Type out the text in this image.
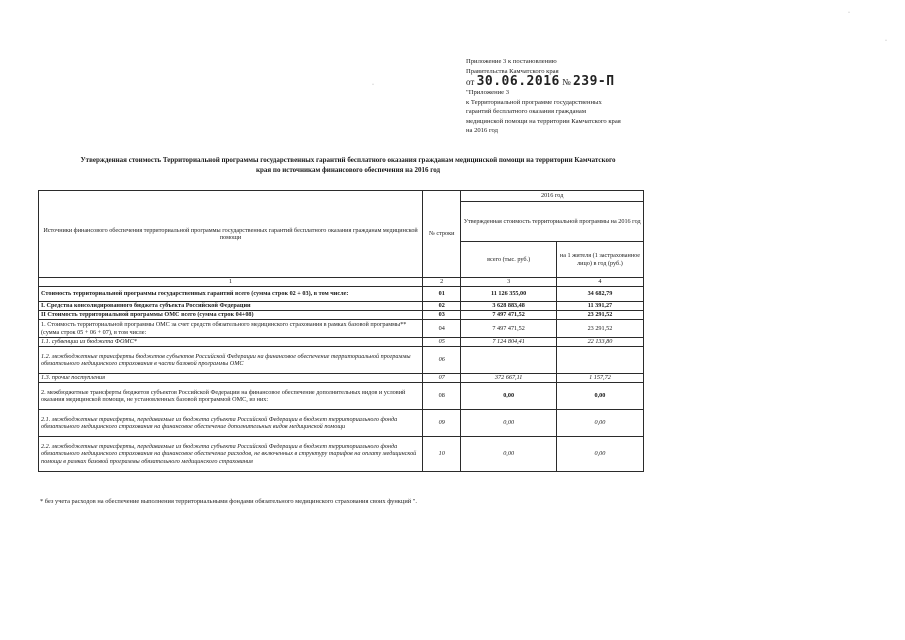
Приложение 3 к постановлению
Правительства Камчатского края
от 30.06.2016 № 239-П
"Приложение 3
к Территориальной программе государственных
гарантий бесплатного оказания гражданам
медицинской помощи на территории Камчатского края
на 2016 год
Утвержденная стоимость Территориальной программы государственных гарантий бесплатного оказания гражданам медицинской помощи на территории Камчатского
края по источникам финансового обеспечения на 2016 год
Источники финансового обеспечения территориальной программы государственных гарантий бесплатного оказания гражданам медицинской помощи	№ строки	2016 год	
		Утвержденная стоимость территориальной программы на 2016 год	
		всего (тыс. руб.)	на 1 жителя (1 застрахованное лицо) в год (руб.)
1	2	3	4
Стоимость территориальной программы государственных гарантий всего (сумма строк 02 + 03), в том числе:	01	11 126 355,00	34 682,79
I. Средства консолидированного бюджета субъекта Российской Федерации	02	3 628 883,48	11 391,27
II Стоимость территориальной программы ОМС всего (сумма строк 04+08)	03	7 497 471,52	23 291,52
1. Стоимость территориальной программы ОМС за счет средств обязательного медицинского страхования в рамках базовой программы** (сумма строк 05 + 06 + 07), в том числе:	04	7 497 471,52	23 291,52
1.1. субвенции из бюджета ФОМС*	05	7 124 804,41	22 133,80
1.2. межбюджетные трансферты бюджетов субъектов Российской Федерации на финансовое обеспечение территориальной программы обязательного медицинского страхования в части базовой программы ОМС	06		
1.3. прочие поступления	07	372 667,11	1 157,72
2. межбюджетные трансферты бюджетов субъектов Российской Федерации на финансовое обеспечение дополнительных видов и условий оказания медицинской помощи, не установленных базовой программой ОМС, из них:	08	0,00	0,00
2.1. межбюджетные трансферты, передаваемые из бюджета субъекта Российской Федерации в бюджет территориального фонда обязательного медицинского страхования на финансовое обеспечение дополнительных видов медицинской помощи	09	0,00	0,00
2.2. межбюджетные трансферты, передаваемые из бюджета субъекта Российской Федерации в бюджет территориального фонда обязательного медицинского страхования на финансовое обеспечение расходов, не включенных в структуру тарифов на оплату медицинской помощи в рамках базовой программы обязательного медицинского страхования	10	0,00	0,00
* без учета расходов на обеспечение выполнения территориальными фондами обязательного медицинского страхования своих функций ".
·
·
·
